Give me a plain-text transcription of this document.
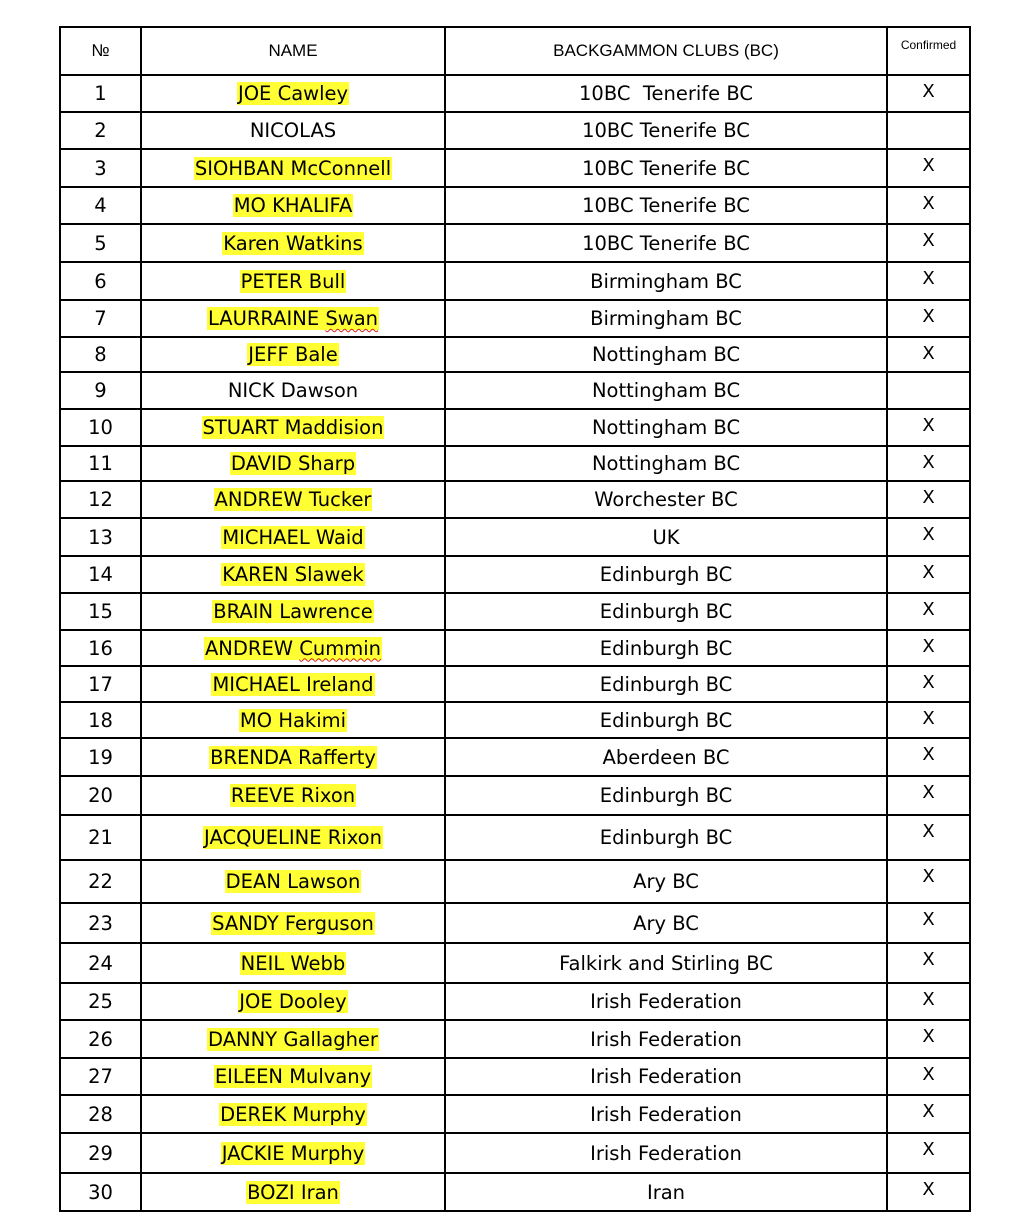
№	NAME	BACKGAMMON CLUBS (BC)	Confirmed
1	JOE Cawley	10BC  Tenerife BC	X
2	NICOLAS	10BC Tenerife BC	
3	SIOHBAN McConnell	10BC Tenerife BC	X
4	MO KHALIFA	10BC Tenerife BC	X
5	Karen Watkins	10BC Tenerife BC	X
6	PETER Bull	Birmingham BC	X
7	LAURRAINE Swan	Birmingham BC	X
8	JEFF Bale	Nottingham BC	X
9	NICK Dawson	Nottingham BC	
10	STUART Maddision	Nottingham BC	X
11	DAVID Sharp	Nottingham BC	X
12	ANDREW Tucker	Worchester BC	X
13	MICHAEL Waid	UK	X
14	KAREN Slawek	Edinburgh BC	X
15	BRAIN Lawrence	Edinburgh BC	X
16	ANDREW Cummin	Edinburgh BC	X
17	MICHAEL Ireland	Edinburgh BC	X
18	MO Hakimi	Edinburgh BC	X
19	BRENDA Rafferty	Aberdeen BC	X
20	REEVE Rixon	Edinburgh BC	X
21	JACQUELINE Rixon	Edinburgh BC	X
22	DEAN Lawson	Ary BC	X
23	SANDY Ferguson	Ary BC	X
24	NEIL Webb	Falkirk and Stirling BC	X
25	JOE Dooley	Irish Federation	X
26	DANNY Gallagher	Irish Federation	X
27	EILEEN Mulvany	Irish Federation	X
28	DEREK Murphy	Irish Federation	X
29	JACKIE Murphy	Irish Federation	X
30	BOZI Iran	Iran	X
